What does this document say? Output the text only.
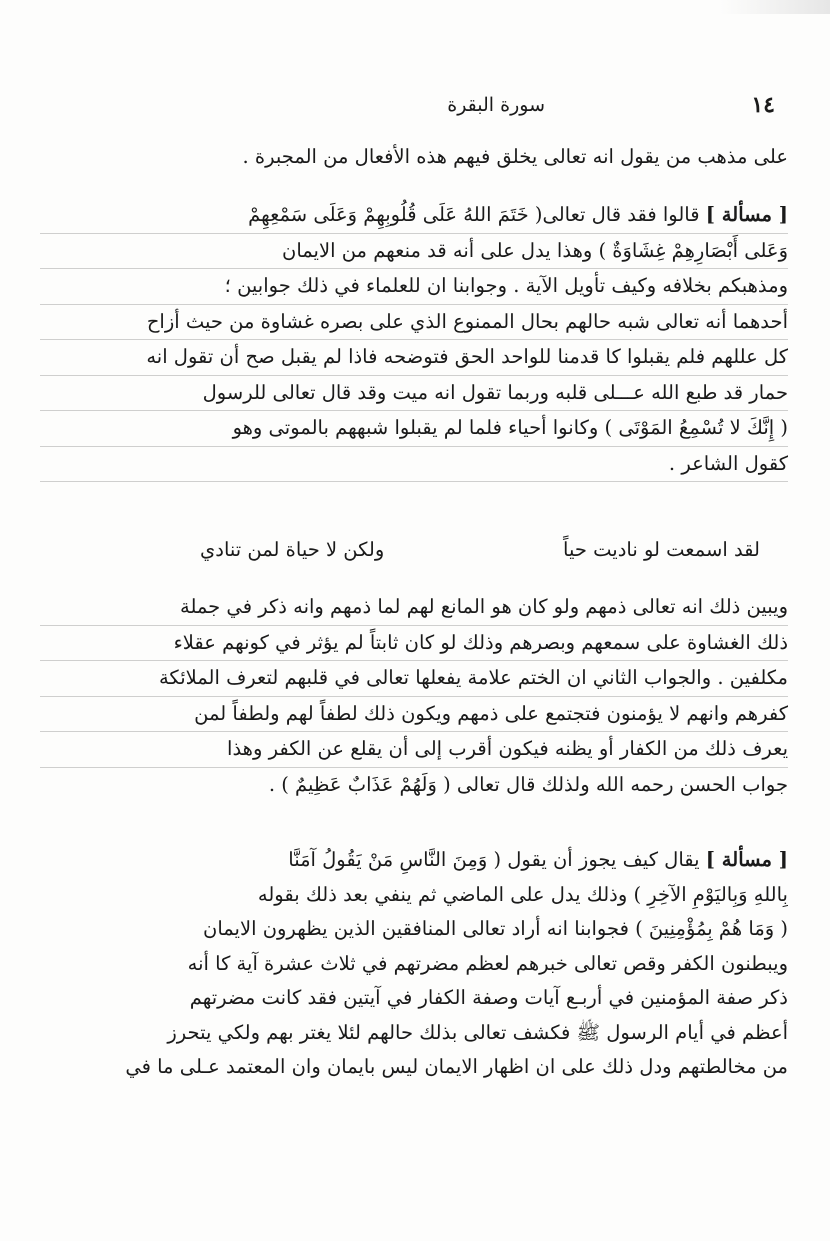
١٤
سورة البقرة
على مذهب من يقول انه تعالى يخلق فيهم هذه الأفعال من المجبرة .
[ مسألة ] قالوا فقد قال تعالى( خَتَمَ اللهُ عَلَى قُلُوبِهِمْ وَعَلَى سَمْعِهِمْ
وَعَلى أَبْصَارِهِمْ غِشَاوَةٌ ) وهذا يدل على أنه قد منعهم من الايمان
ومذهبكم بخلافه وكيف تأويل الآية . وجوابنا ان للعلماء في ذلك جوابين ؛
أحدهما أنه تعالى شبه حالهم بحال الممنوع الذي على بصره غشاوة من حيث أزاح
كل عللهم فلم يقبلوا كا قدمنا للواحد الحق فتوضحه فاذا لم يقبل صح أن تقول انه
حمار قد طبع الله عـــلى قلبه وربما تقول انه ميت وقد قال تعالى للرسول
( إِنَّكَ لا تُسْمِعُ المَوْتَى ) وكانوا أحياء فلما لم يقبلوا شبههم بالموتى وهو
كقول الشاعر .
لقد اسمعت لو ناديت حياً
ولكن لا حياة لمن تنادي
ويبين ذلك انه تعالى ذمهم ولو كان هو المانع لهم لما ذمهم وانه ذكر في جملة
ذلك الغشاوة على سمعهم وبصرهم وذلك لو كان ثابتاً لم يؤثر في كونهم عقلاء
مكلفين . والجواب الثاني ان الختم علامة يفعلها تعالى في قلبهم لتعرف الملائكة
كفرهم وانهم لا يؤمنون فتجتمع على ذمهم ويكون ذلك لطفاً لهم ولطفاً لمن
يعرف ذلك من الكفار أو يظنه فيكون أقرب إلى أن يقلع عن الكفر وهذا
جواب الحسن رحمه الله ولذلك قال تعالى ( وَلَهُمْ عَذَابٌ عَظِيمٌ ) .
[ مسألة ] يقال كيف يجوز أن يقول ( وَمِنَ النَّاسِ مَنْ يَقُولُ آمَنَّا
بِاللهِ وَبِاليَوْمِ الآخِرِ ) وذلك يدل على الماضي ثم ينفي بعد ذلك بقوله
( وَمَا هُمْ بِمُؤْمِنِينَ ) فجوابنا انه أراد تعالى المنافقين الذين يظهرون الايمان
ويبطنون الكفر وقص تعالى خبرهم لعظم مضرتهم في ثلاث عشرة آية كا أنه
ذكر صفة المؤمنين في أربـع آيات وصفة الكفار في آيتين فقد كانت مضرتهم
أعظم في أيام الرسول ﷺ فكشف تعالى بذلك حالهم لئلا يغتر بهم ولكي يتحرز
من مخالطتهم ودل ذلك على ان اظهار الايمان ليس بايمان وان المعتمد عـلى ما في
